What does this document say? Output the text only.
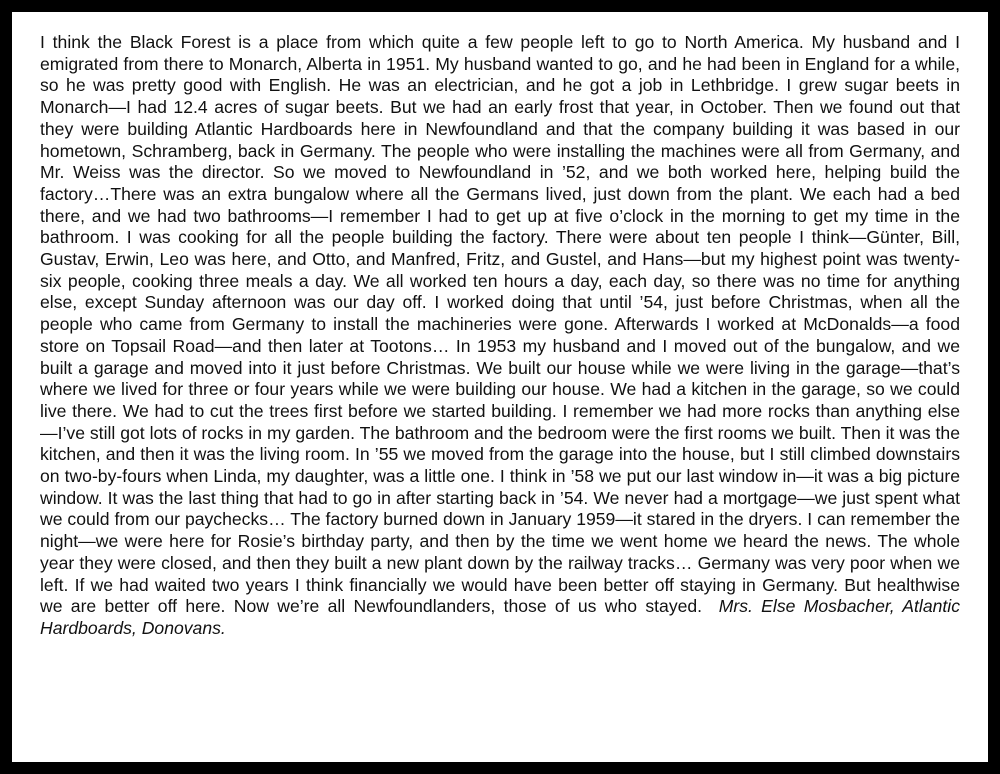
I think the Black Forest is a place from which quite a few people left to go to North America. My husband and I emigrated from there to Monarch, Alberta in 1951. My husband wanted to go, and he had been in England for a while, so he was pretty good with English. He was an electrician, and he got a job in Lethbridge. I grew sugar beets in Monarch—I had 12.4 acres of sugar beets. But we had an early frost that year, in October. Then we found out that they were building Atlantic Hardboards here in Newfoundland and that the company building it was based in our hometown, Schramberg, back in Germany. The people who were installing the machines were all from Germany, and Mr. Weiss was the director. So we moved to Newfoundland in ’52, and we both worked here, helping build the factory…There was an extra bungalow where all the Germans lived, just down from the plant. We each had a bed there, and we had two bathrooms—I remember I had to get up at five o’clock in the morning to get my time in the bathroom. I was cooking for all the people building the factory. There were about ten people I think—Günter, Bill, Gustav, Erwin, Leo was here, and Otto, and Manfred, Fritz, and Gustel, and Hans—but my highest point was twenty-six people, cooking three meals a day. We all worked ten hours a day, each day, so there was no time for anything else, except Sunday afternoon was our day off. I worked doing that until ’54, just before Christmas, when all the people who came from Germany to install the machineries were gone. Afterwards I worked at McDonalds—a food store on Topsail Road—and then later at Tootons… In 1953 my husband and I moved out of the bungalow, and we built a garage and moved into it just before Christmas. We built our house while we were living in the garage—that’s where we lived for three or four years while we were building our house. We had a kitchen in the garage, so we could live there. We had to cut the trees first before we started building. I remember we had more rocks than anything else—I’ve still got lots of rocks in my garden. The bathroom and the bedroom were the first rooms we built. Then it was the kitchen, and then it was the living room. In ’55 we moved from the garage into the house, but I still climbed downstairs on two-by-fours when Linda, my daughter, was a little one. I think in ’58 we put our last window in—it was a big picture window. It was the last thing that had to go in after starting back in ’54. We never had a mortgage—we just spent what we could from our paychecks… The factory burned down in January 1959—it stared in the dryers. I can remember the night—we were here for Rosie’s birthday party, and then by the time we went home we heard the news. The whole year they were closed, and then they built a new plant down by the railway tracks… Germany was very poor when we left. If we had waited two years I think financially we would have been better off staying in Germany. But healthwise we are better off here. Now we’re all Newfoundlanders, those of us who stayed. Mrs. Else Mosbacher, Atlantic Hardboards, Donovans.
